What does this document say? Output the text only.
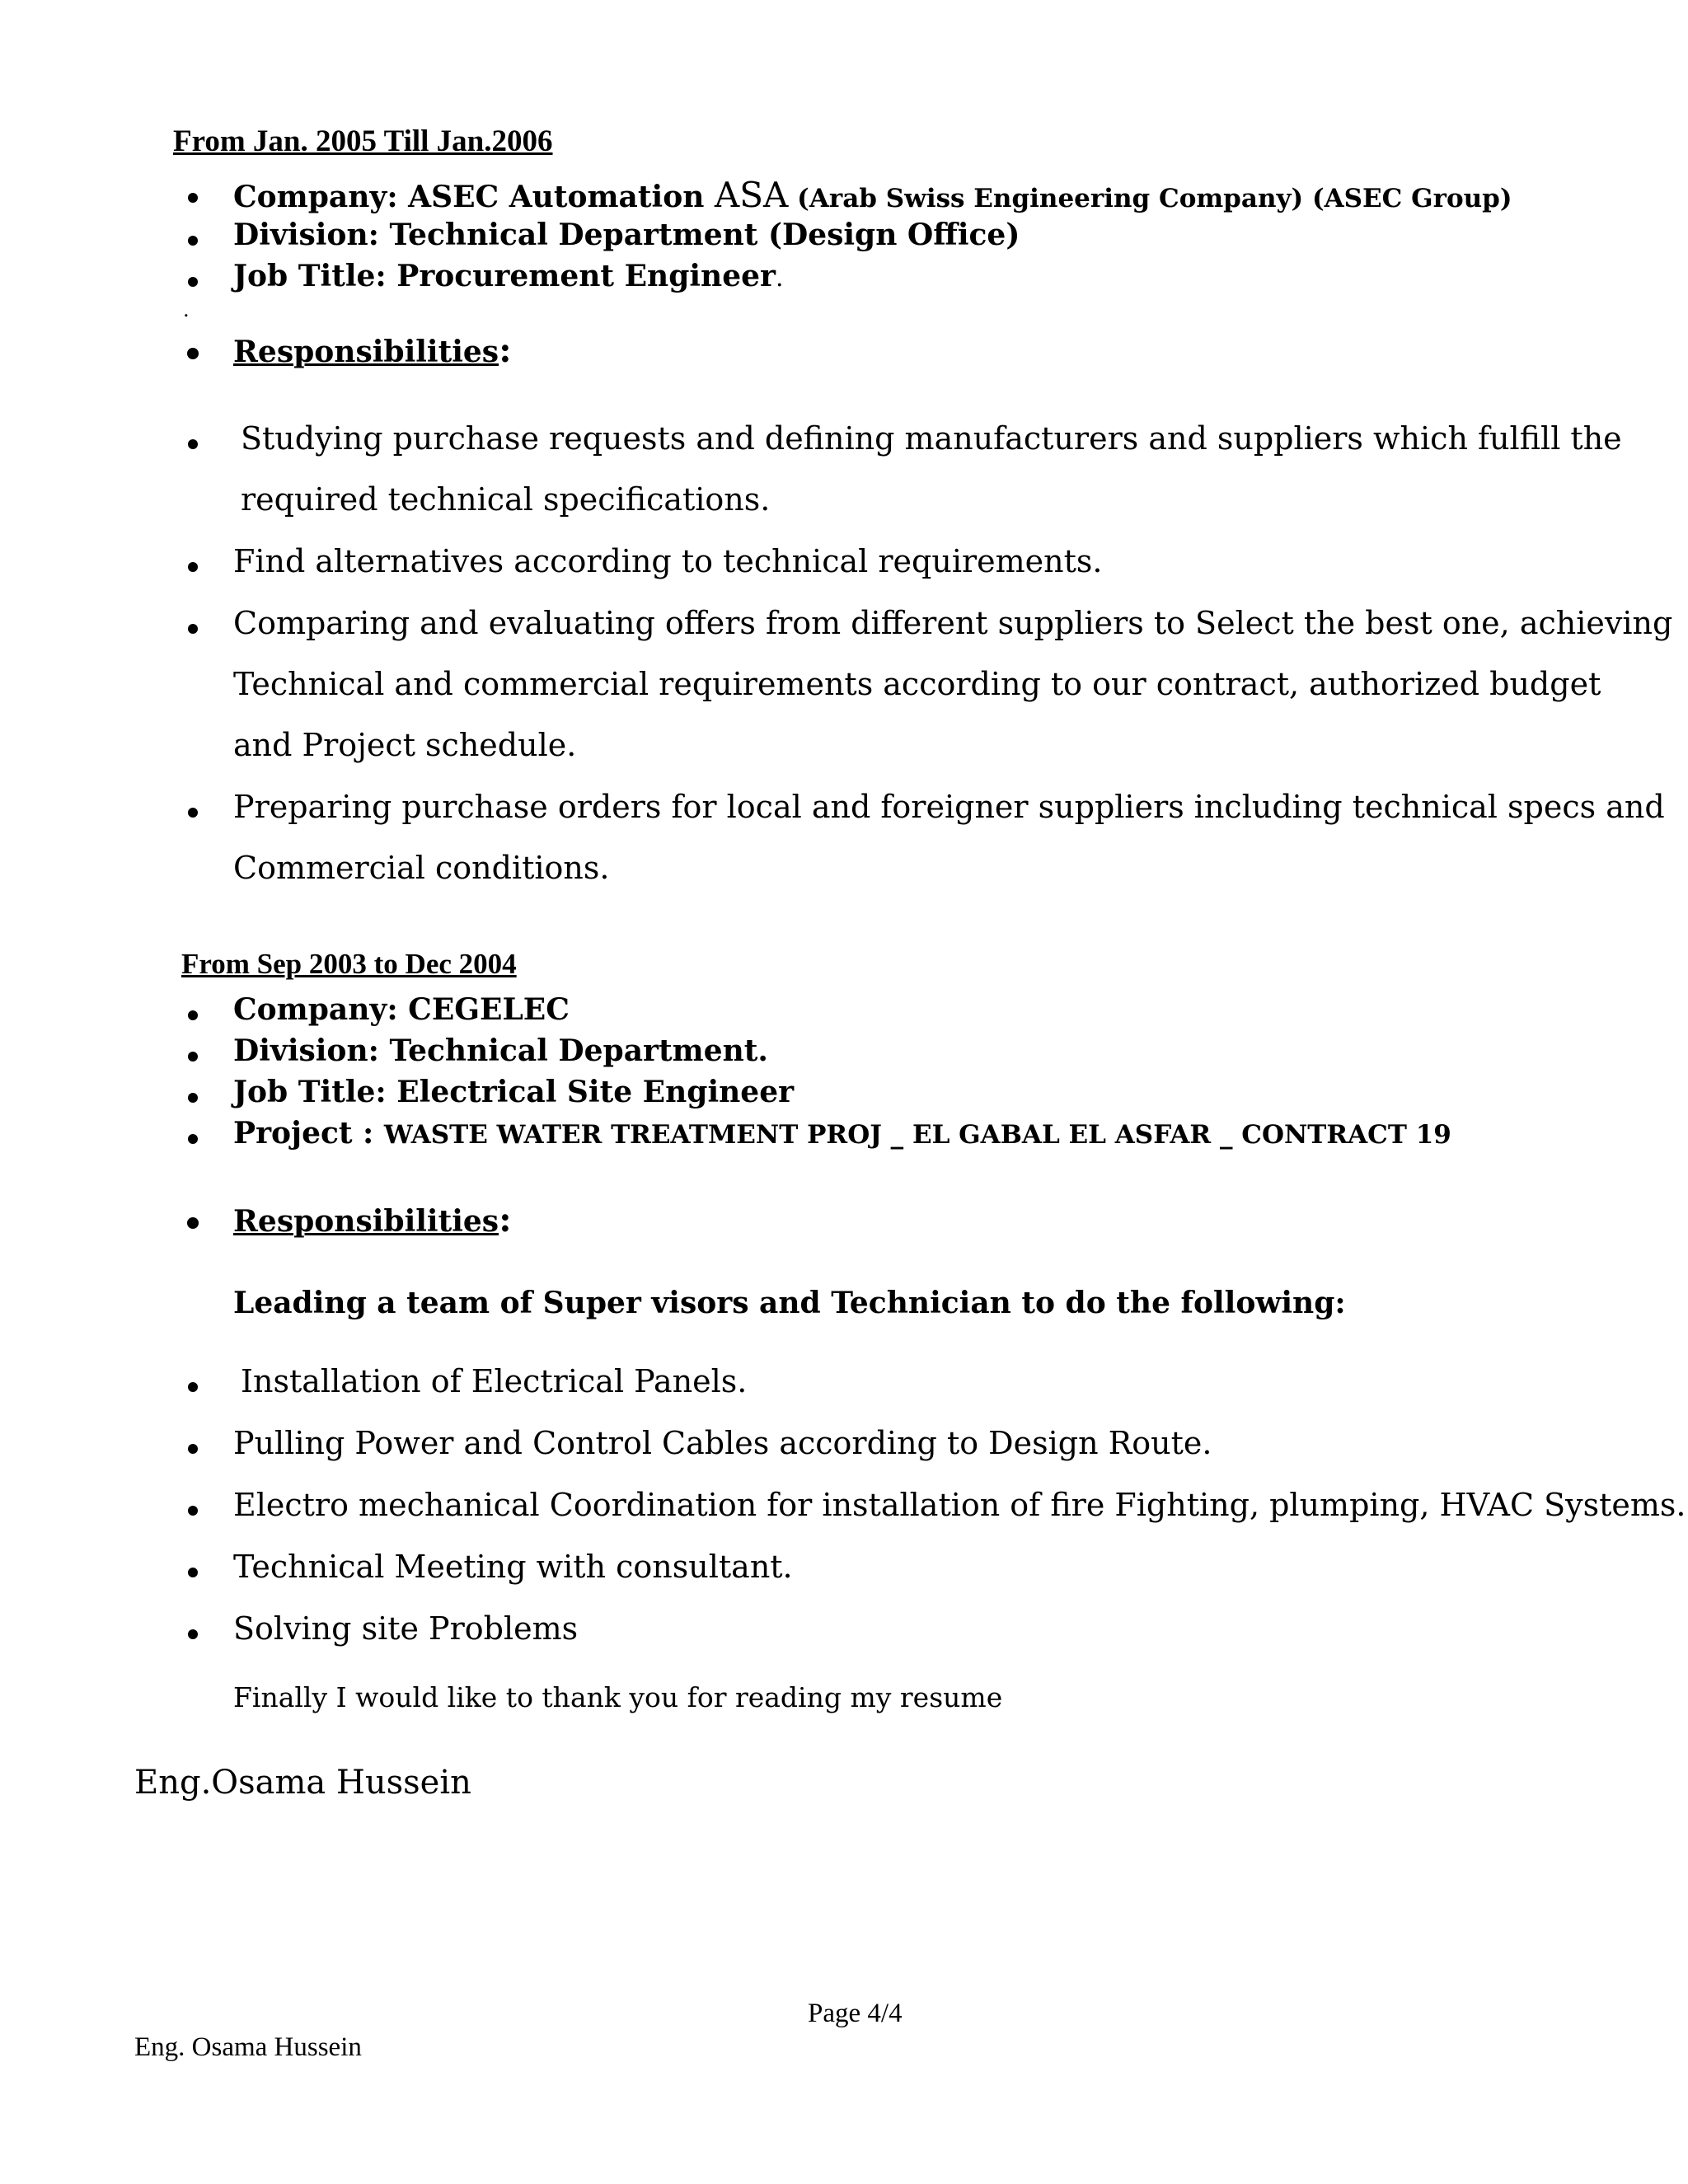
From Jan. 2005 Till Jan.2006
Company: ASEC Automation ASA (Arab Swiss Engineering Company) (ASEC Group)
Division: Technical Department (Design Office)
Job Title: Procurement Engineer.
.
Responsibilities:
Studying purchase requests and defining manufacturers and suppliers which fulfill the
required technical specifications.
Find alternatives according to technical requirements.
Comparing and evaluating offers from different suppliers to Select the best one, achieving
Technical and commercial requirements according to our contract, authorized budget
and Project schedule.
Preparing purchase orders for local and foreigner suppliers including technical specs and
Commercial conditions.
From Sep 2003 to Dec 2004
Company: CEGELEC
Division: Technical Department.
Job Title: Electrical Site Engineer
Project : WASTE WATER TREATMENT PROJ _ EL GABAL EL ASFAR _ CONTRACT 19
Responsibilities:
Leading a team of Super visors and Technician to do the following:
Installation of Electrical Panels.
Pulling Power and Control Cables according to Design Route.
Electro mechanical Coordination for installation of fire Fighting, plumping, HVAC Systems.
Technical Meeting with consultant.
Solving site Problems
Finally I would like to thank you for reading my resume
Eng.Osama Hussein
Page 4/4
Eng. Osama Hussein
